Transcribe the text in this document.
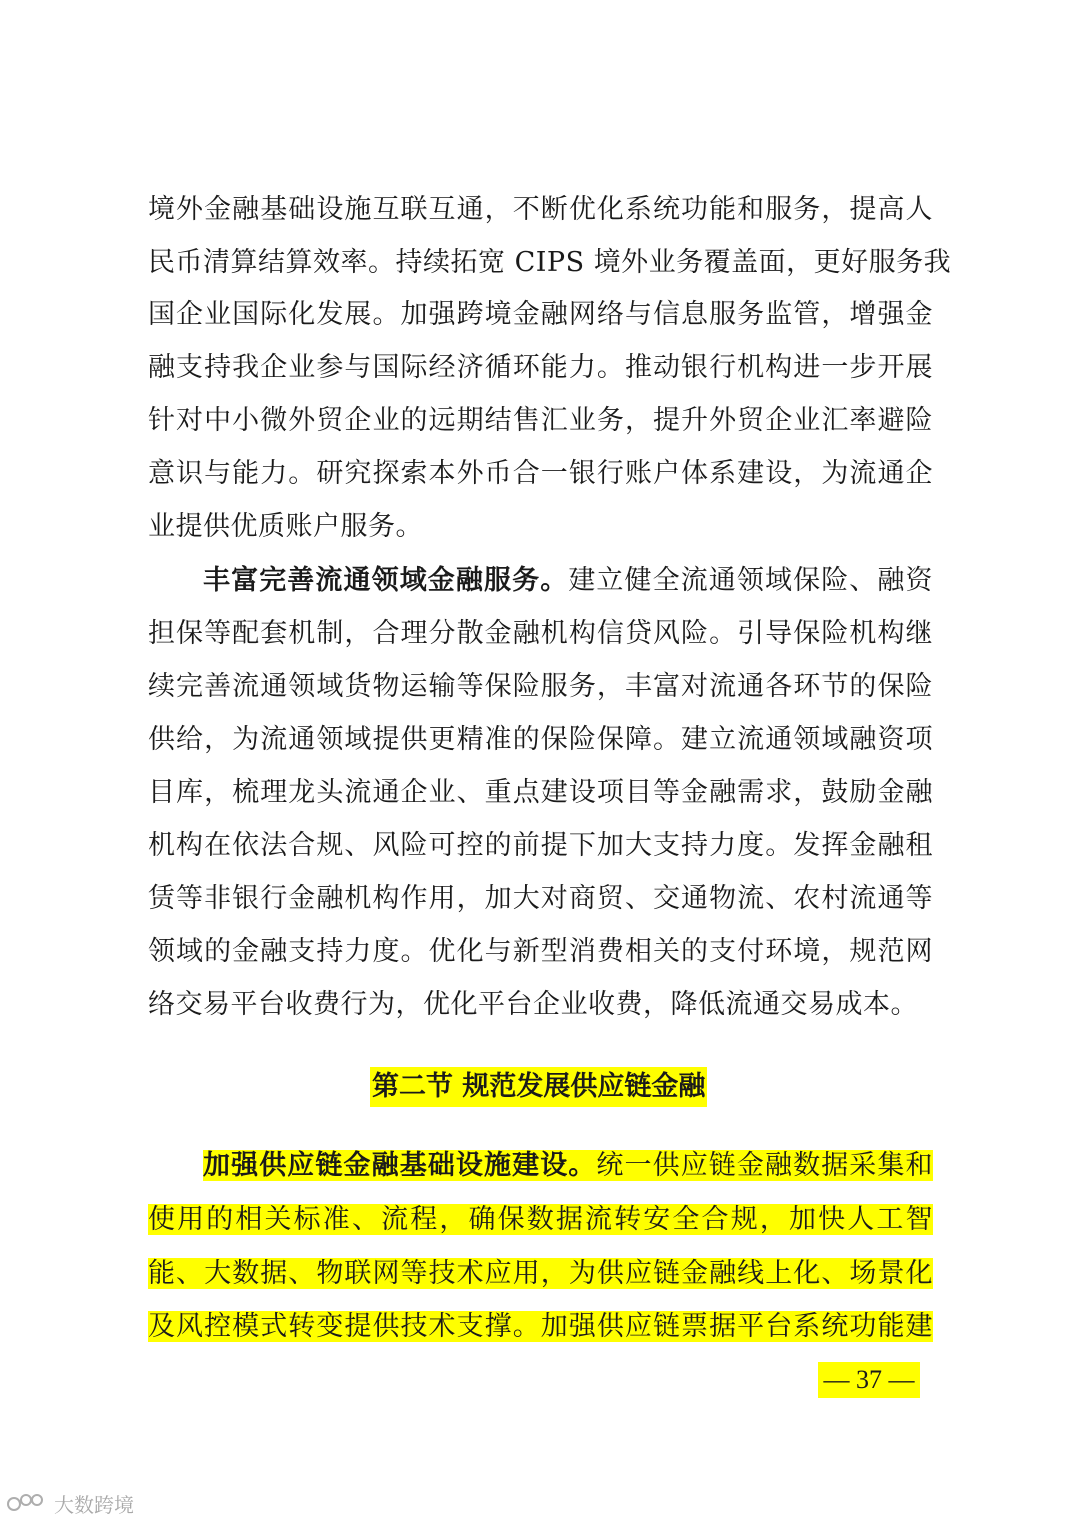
境外金融基础设施互联互通，不断优化系统功能和服务，提高人
民币清算结算效率。持续拓宽 CIPS 境外业务覆盖面，更好服务我
国企业国际化发展。加强跨境金融网络与信息服务监管，增强金
融支持我企业参与国际经济循环能力。推动银行机构进一步开展
针对中小微外贸企业的远期结售汇业务，提升外贸企业汇率避险
意识与能力。研究探索本外币合一银行账户体系建设，为流通企
业提供优质账户服务。
丰富完善流通领域金融服务。建立健全流通领域保险、融资
担保等配套机制，合理分散金融机构信贷风险。引导保险机构继
续完善流通领域货物运输等保险服务，丰富对流通各环节的保险
供给，为流通领域提供更精准的保险保障。建立流通领域融资项
目库，梳理龙头流通企业、重点建设项目等金融需求，鼓励金融
机构在依法合规、风险可控的前提下加大支持力度。发挥金融租
赁等非银行金融机构作用，加大对商贸、交通物流、农村流通等
领域的金融支持力度。优化与新型消费相关的支付环境，规范网
络交易平台收费行为，优化平台企业收费，降低流通交易成本。
第二节 规范发展供应链金融
加强供应链金融基础设施建设。统一供应链金融数据采集和
使用的相关标准、流程，确保数据流转安全合规，加快人工智
能、大数据、物联网等技术应用，为供应链金融线上化、场景化
及风控模式转变提供技术支撑。加强供应链票据平台系统功能建
— 37 —
大数跨境
